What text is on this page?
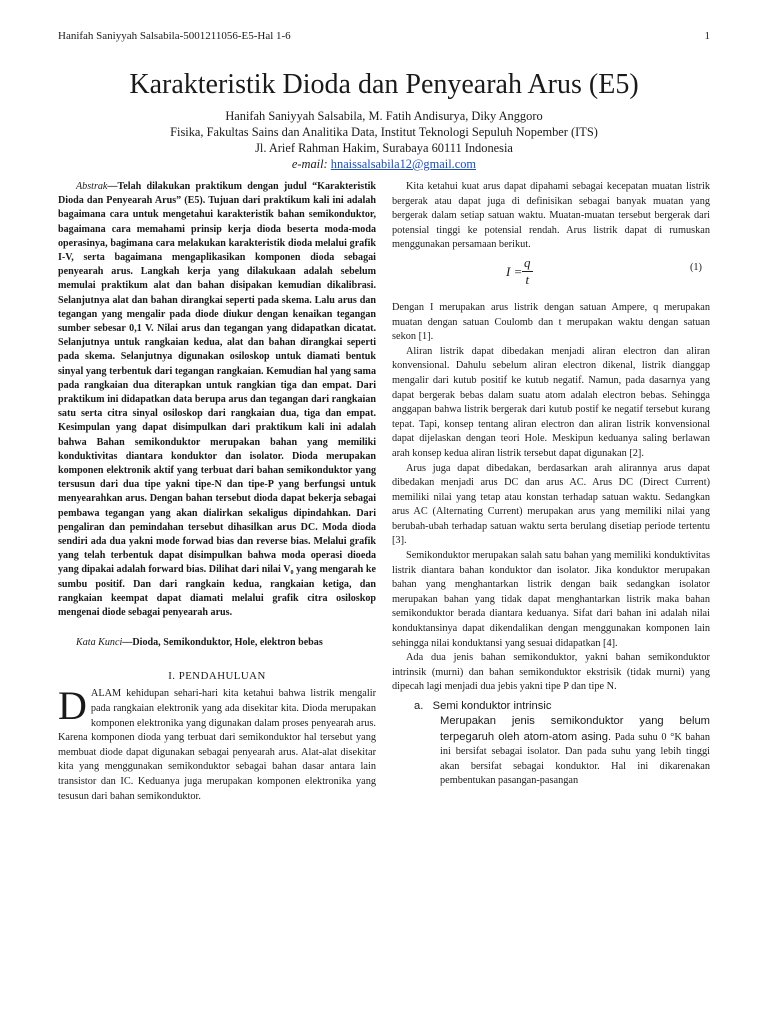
Hanifah Saniyyah Salsabila-5001211056-E5-Hal 1-6	1
Karakteristik Dioda dan Penyearah Arus (E5)
Hanifah Saniyyah Salsabila, M. Fatih Andisurya, Diky Anggoro
Fisika, Fakultas Sains dan Analitika Data, Institut Teknologi Sepuluh Nopember (ITS)
Jl. Arief Rahman Hakim, Surabaya 60111 Indonesia
e-mail: hnaissalsabila12@gmail.com

Abstrak—Telah dilakukan praktikum dengan judul “Karakteristik Dioda dan Penyearah Arus” (E5). Tujuan dari praktikum kali ini adalah bagaimana cara untuk mengetahui karakteristik bahan semikonduktor, bagaimana cara memahami prinsip kerja dioda beserta moda-moda operasinya, bagimana cara melakukan karakteristik dioda melalui grafik I-V, serta bagaimana mengaplikasikan komponen dioda sebagai penyearah arus. Langkah kerja yang dilakukaan adalah sebelum memulai praktikum alat dan bahan disipakan kemudian dikalibrasi. Selanjutnya alat dan bahan dirangkai seperti pada skema. Lalu arus dan tegangan yang mengalir pada diode diukur dengan kenaikan tegangan sumber sebesar 0,1 V. Nilai arus dan tegangan yang didapatkan dicatat. Selanjutnya untuk rangkaian kedua, alat dan bahan dirangkai seperti pada skema. Selanjutnya digunakan osiloskop untuk diamati bentuk sinyal yang terbentuk dari tegangan rangkaian. Kemudian hal yang sama pada rangkaian dua diterapkan untuk rangkian tiga dan empat. Dari praktikum ini didapatkan data berupa arus dan tegangan dari rangkaian satu serta citra sinyal osiloskop dari rangkaian dua, tiga dan empat. Kesimpulan yang dapat disimpulkan dari praktikum kali ini adalah bahwa Bahan semikonduktor merupakan bahan yang memiliki konduktivitas diantara konduktor dan isolator. Dioda merupakan komponen elektronik aktif yang terbuat dari bahan semikonduktor yang tersusun dari dua tipe yakni tipe-N dan tipe-P yang berfungsi untuk menyearahkan arus. Dengan bahan tersebut dioda dapat bekerja sebagai pembawa tegangan yang akan dialirkan sekaligus dipindahkan. Dari pengaliran dan pemindahan tersebut dihasilkan arus DC. Moda dioda sendiri ada dua yakni mode forwad bias dan reverse bias. Melalui grafik yang telah terbentuk dapat disimpulkan bahwa moda operasi dioeda yang dipakai adalah forward bias. Dilihat dari nilai V₀ yang mengarah ke sumbu positif. Dan dari rangkain kedua, rangkaian ketiga, dan rangkaian keempat dapat diamati melalui grafik citra osiloskop mengenai diode sebagai penyearah arus.

Kata Kunci—Dioda, Semikonduktor, Hole, elektron bebas

I. PENDAHULUAN

DALAM kehidupan sehari-hari kita ketahui bahwa listrik mengalir pada rangkaian elektronik yang ada disekitar kita. Dioda merupakan komponen elektronika yang digunakan dalam proses penyearah arus. Karena komponen dioda yang terbuat dari semikonduktor hal tersebut yang membuat diode dapat digunakan sebagai penyearah arus. Alat-alat disekitar kita yang menggunakan semikonduktor sebagai bahan dasar antara lain transistor dan IC. Keduanya juga merupakan komponen elektronika yang tesusun dari bahan semikonduktor.

Kita ketahui kuat arus dapat dipahami sebagai kecepatan muatan listrik bergerak atau dapat juga di definisikan sebagai banyak muatan yang bergerak dalam setiap satuan waktu. Muatan-muatan tersebut bergerak dari potensial tinggi ke potensial rendah. Arus listrik dapat di rumuskan menggunakan persamaan berikut.

$I = \frac{q}{t}$	(1)

Dengan I merupakan arus listrik dengan satuan Ampere, q merupakan muatan dengan satuan Coulomb dan t merupakan waktu dengan satuan sekon [1].

Aliran listrik dapat dibedakan menjadi aliran electron dan aliran konvensional. Dahulu sebelum aliran electron dikenal, listrik dianggap mengalir dari kutub positif ke kutub negatif. Namun, pada dasarnya yang dapat bergerak bebas dalam suatu atom adalah electron bebas. Sehingga anggapan bahwa listrik bergerak dari kutub postif ke negatif tersebut kurang tepat. Tapi, konsep tentang aliran electron dan aliran listrik konvensional dapat dijelaskan dengan teori Hole. Meskipun keduanya saling berlawan arah konsep kedua aliran listrik tersebut dapat digunakan [2].

Arus juga dapat dibedakan, berdasarkan arah alirannya arus dapat dibedakan menjadi arus DC dan arus AC. Arus DC (Direct Current) memiliki nilai yang tetap atau konstan terhadap satuan waktu. Sedangkan arus AC (Alternating Current) merupakan arus yang memiliki nilai yang berubah-ubah terhadap satuan waktu serta berulang disetiap periode tertentu [3].

Semikonduktor merupakan salah satu bahan yang memiliki konduktivitas listrik diantara bahan konduktor dan isolator. Jika konduktor merupakan bahan yang menghantarkan listrik dengan baik sedangkan isolator merupakan bahan yang tidak dapat menghantarkan listrik maka bahan semikonduktor berada diantara keduanya. Sifat dari bahan ini adalah nilai konduktansinya dapat dikendalikan dengan menggunakan komponen lain sehingga nilai konduktansi yang sesuai didapatkan [4].

Ada dua jenis bahan semikonduktor, yakni bahan semikonduktor intrinsik (murni) dan bahan semikonduktor ekstrisik (tidak murni) yang dipecah lagi menjadi dua jebis yakni tipe P dan tipe N.

a. Semi konduktor intrinsic

Merupakan jenis semikonduktor yang belum terpegaruh oleh atom-atom asing. Pada suhu 0 °K bahan ini bersifat sebagai isolator. Dan pada suhu yang lebih tinggi akan bersifat sebagai konduktor. Hal ini dikarenakan pembentukan pasangan-pasangan
